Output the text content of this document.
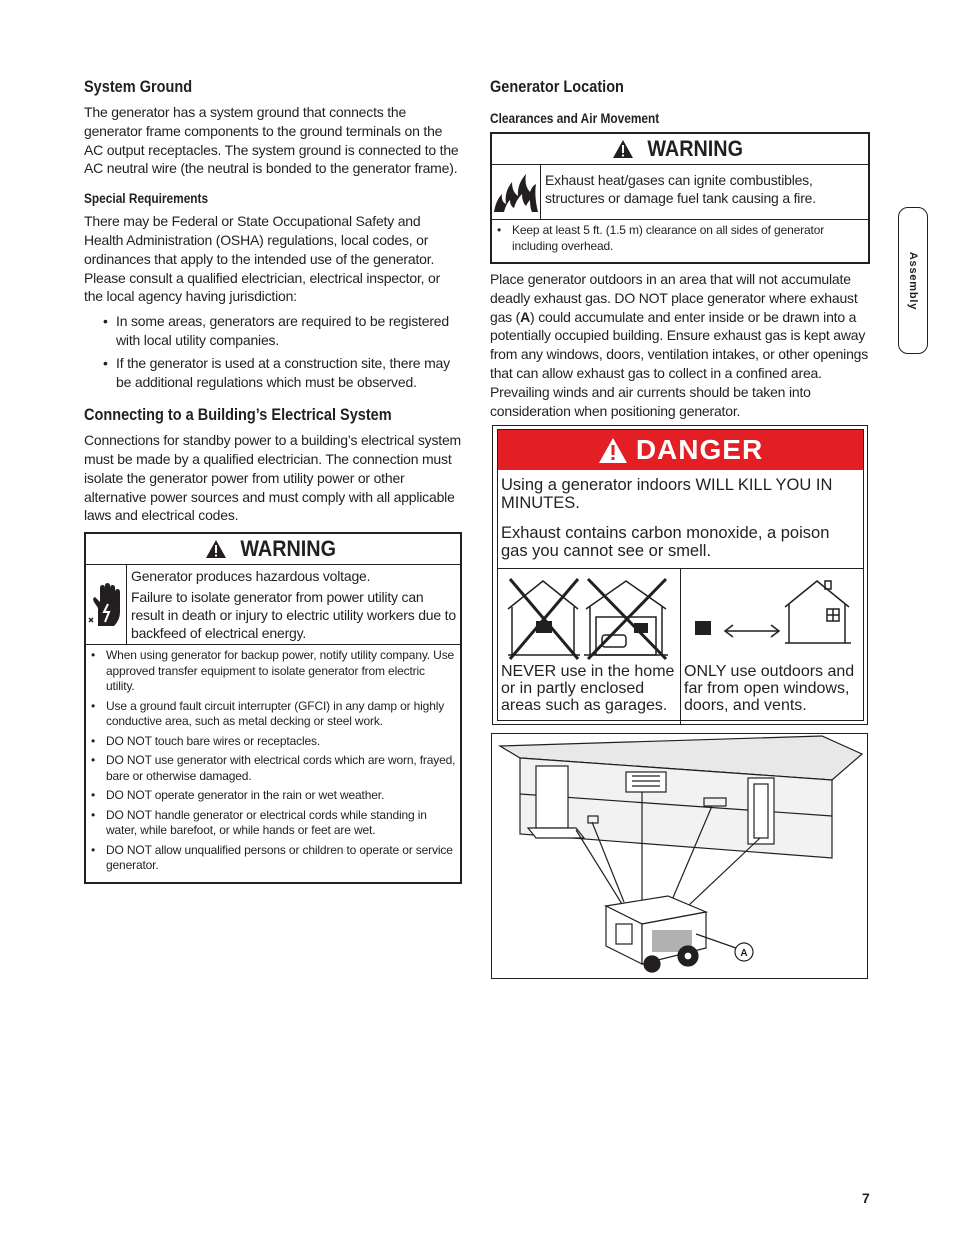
System Ground

The generator has a system ground that connects the generator frame components to the ground terminals on the AC output receptacles. The system ground is connected to the AC neutral wire (the neutral is bonded to the generator frame).

Special Requirements

There may be Federal or State Occupational Safety and Health Administration (OSHA) regulations, local codes, or ordinances that apply to the intended use of the generator. Please consult a qualified electrician, electrical inspector, or the local agency having jurisdiction:

• In some areas, generators are required to be registered with local utility companies.
• If the generator is used at a construction site, there may be additional regulations which must be observed.
Connecting to a Building’s Electrical System

Connections for standby power to a building’s electrical system must be made by a qualified electrician. The connection must isolate the generator power from utility power or other alternative power sources and must comply with all applicable laws and electrical codes.

WARNING
Generator produces hazardous voltage.
Failure to isolate generator from power utility can result in death or injury to electric utility workers due to backfeed of electrical energy.
• When using generator for backup power, notify utility company. Use approved transfer equipment to isolate generator from electric utility.
• Use a ground fault circuit interrupter (GFCI) in any damp or highly conductive area, such as metal decking or steel work.
• DO NOT touch bare wires or receptacles.
• DO NOT use generator with electrical cords which are worn, frayed, bare or otherwise damaged.
• DO NOT operate generator in the rain or wet weather.
• DO NOT handle generator or electrical cords while standing in water, while barefoot, or while hands or feet are wet.
• DO NOT allow unqualified persons or children to operate or service generator.
Generator Location
Clearances and Air Movement
WARNING
Exhaust heat/gases can ignite combustibles, structures or damage fuel tank causing a fire.
• Keep at least 5 ft. (1.5 m) clearance on all sides of generator including overhead.

Place generator outdoors in an area that will not accumulate deadly exhaust gas. DO NOT place generator where exhaust gas (A) could accumulate and enter inside or be drawn into a potentially occupied building. Ensure exhaust gas is kept away from any windows, doors, ventilation intakes, or other openings that can allow exhaust gas to collect in a confined area. Prevailing winds and air currents should be taken into consideration when positioning generator.

DANGER
Using a generator indoors WILL KILL YOU IN MINUTES.
Exhaust contains carbon monoxide, a poison gas you cannot see or smell.
NEVER use in the home or in partly enclosed areas such as garages.
ONLY use outdoors and far from open windows, doors, and vents.
A
Assembly
7
